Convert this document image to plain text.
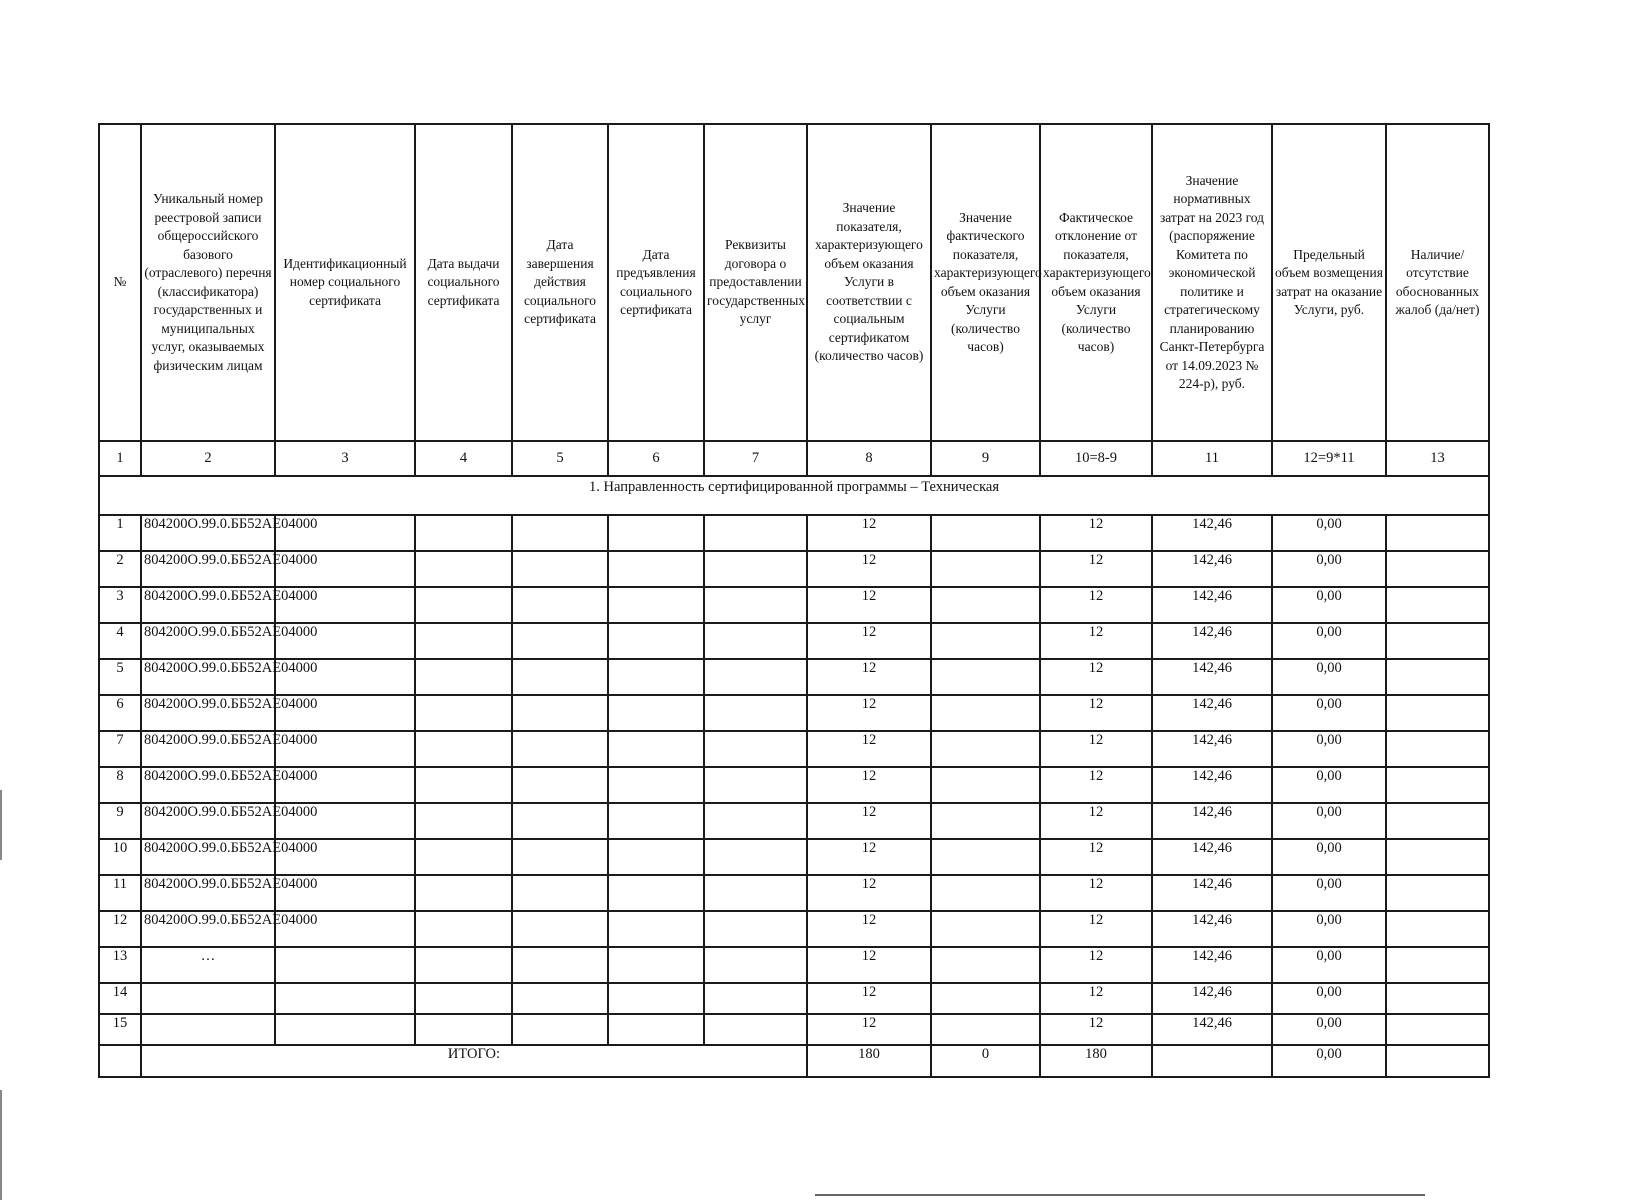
№	Уникальный номер реестровой записи общероссийского базового (отраслевого) перечня (классификатора) государственных и муниципальных услуг, оказываемых физическим лицам	Идентификационный номер социального сертификата	Дата выдачи социального сертификата	Дата завершения действия социального сертификата	Дата предъявления социального сертификата	Реквизиты договора о предоставлении государственных услуг	Значение показателя, характеризующего объем оказания Услуги в соответствии с социальным сертификатом (количество часов)	Значение фактического показателя, характеризующего объем оказания Услуги (количество часов)	Фактическое отклонение от показателя, характеризующего объем оказания Услуги (количество часов)	Значение нормативных затрат на 2023 год (распоряжение Комитета по экономической политике и стратегическому планированию Санкт-Петербурга от 14.09.2023 № 224-р), руб.	Предельный объем возмещения затрат на оказание Услуги, руб.	Наличие/отсутствие обоснованных жалоб (да/нет)
1	2	3	4	5	6	7	8	9	10=8-9	11	12=9*11	13
1. Направленность сертифицированной программы – Техническая												
1	804200О.99.0.ББ52АЕ04000						12		12	142,46	0,00	
2	804200О.99.0.ББ52АЕ04000						12		12	142,46	0,00	
3	804200О.99.0.ББ52АЕ04000						12		12	142,46	0,00	
4	804200О.99.0.ББ52АЕ04000						12		12	142,46	0,00	
5	804200О.99.0.ББ52АЕ04000						12		12	142,46	0,00	
6	804200О.99.0.ББ52АЕ04000						12		12	142,46	0,00	
7	804200О.99.0.ББ52АЕ04000						12		12	142,46	0,00	
8	804200О.99.0.ББ52АЕ04000						12		12	142,46	0,00	
9	804200О.99.0.ББ52АЕ04000						12		12	142,46	0,00	
10	804200О.99.0.ББ52АЕ04000						12		12	142,46	0,00	
11	804200О.99.0.ББ52АЕ04000						12		12	142,46	0,00	
12	804200О.99.0.ББ52АЕ04000						12		12	142,46	0,00	
13	…						12		12	142,46	0,00	
14							12		12	142,46	0,00	
15							12		12	142,46	0,00	
	ИТОГО:						180	0	180		0,00	
